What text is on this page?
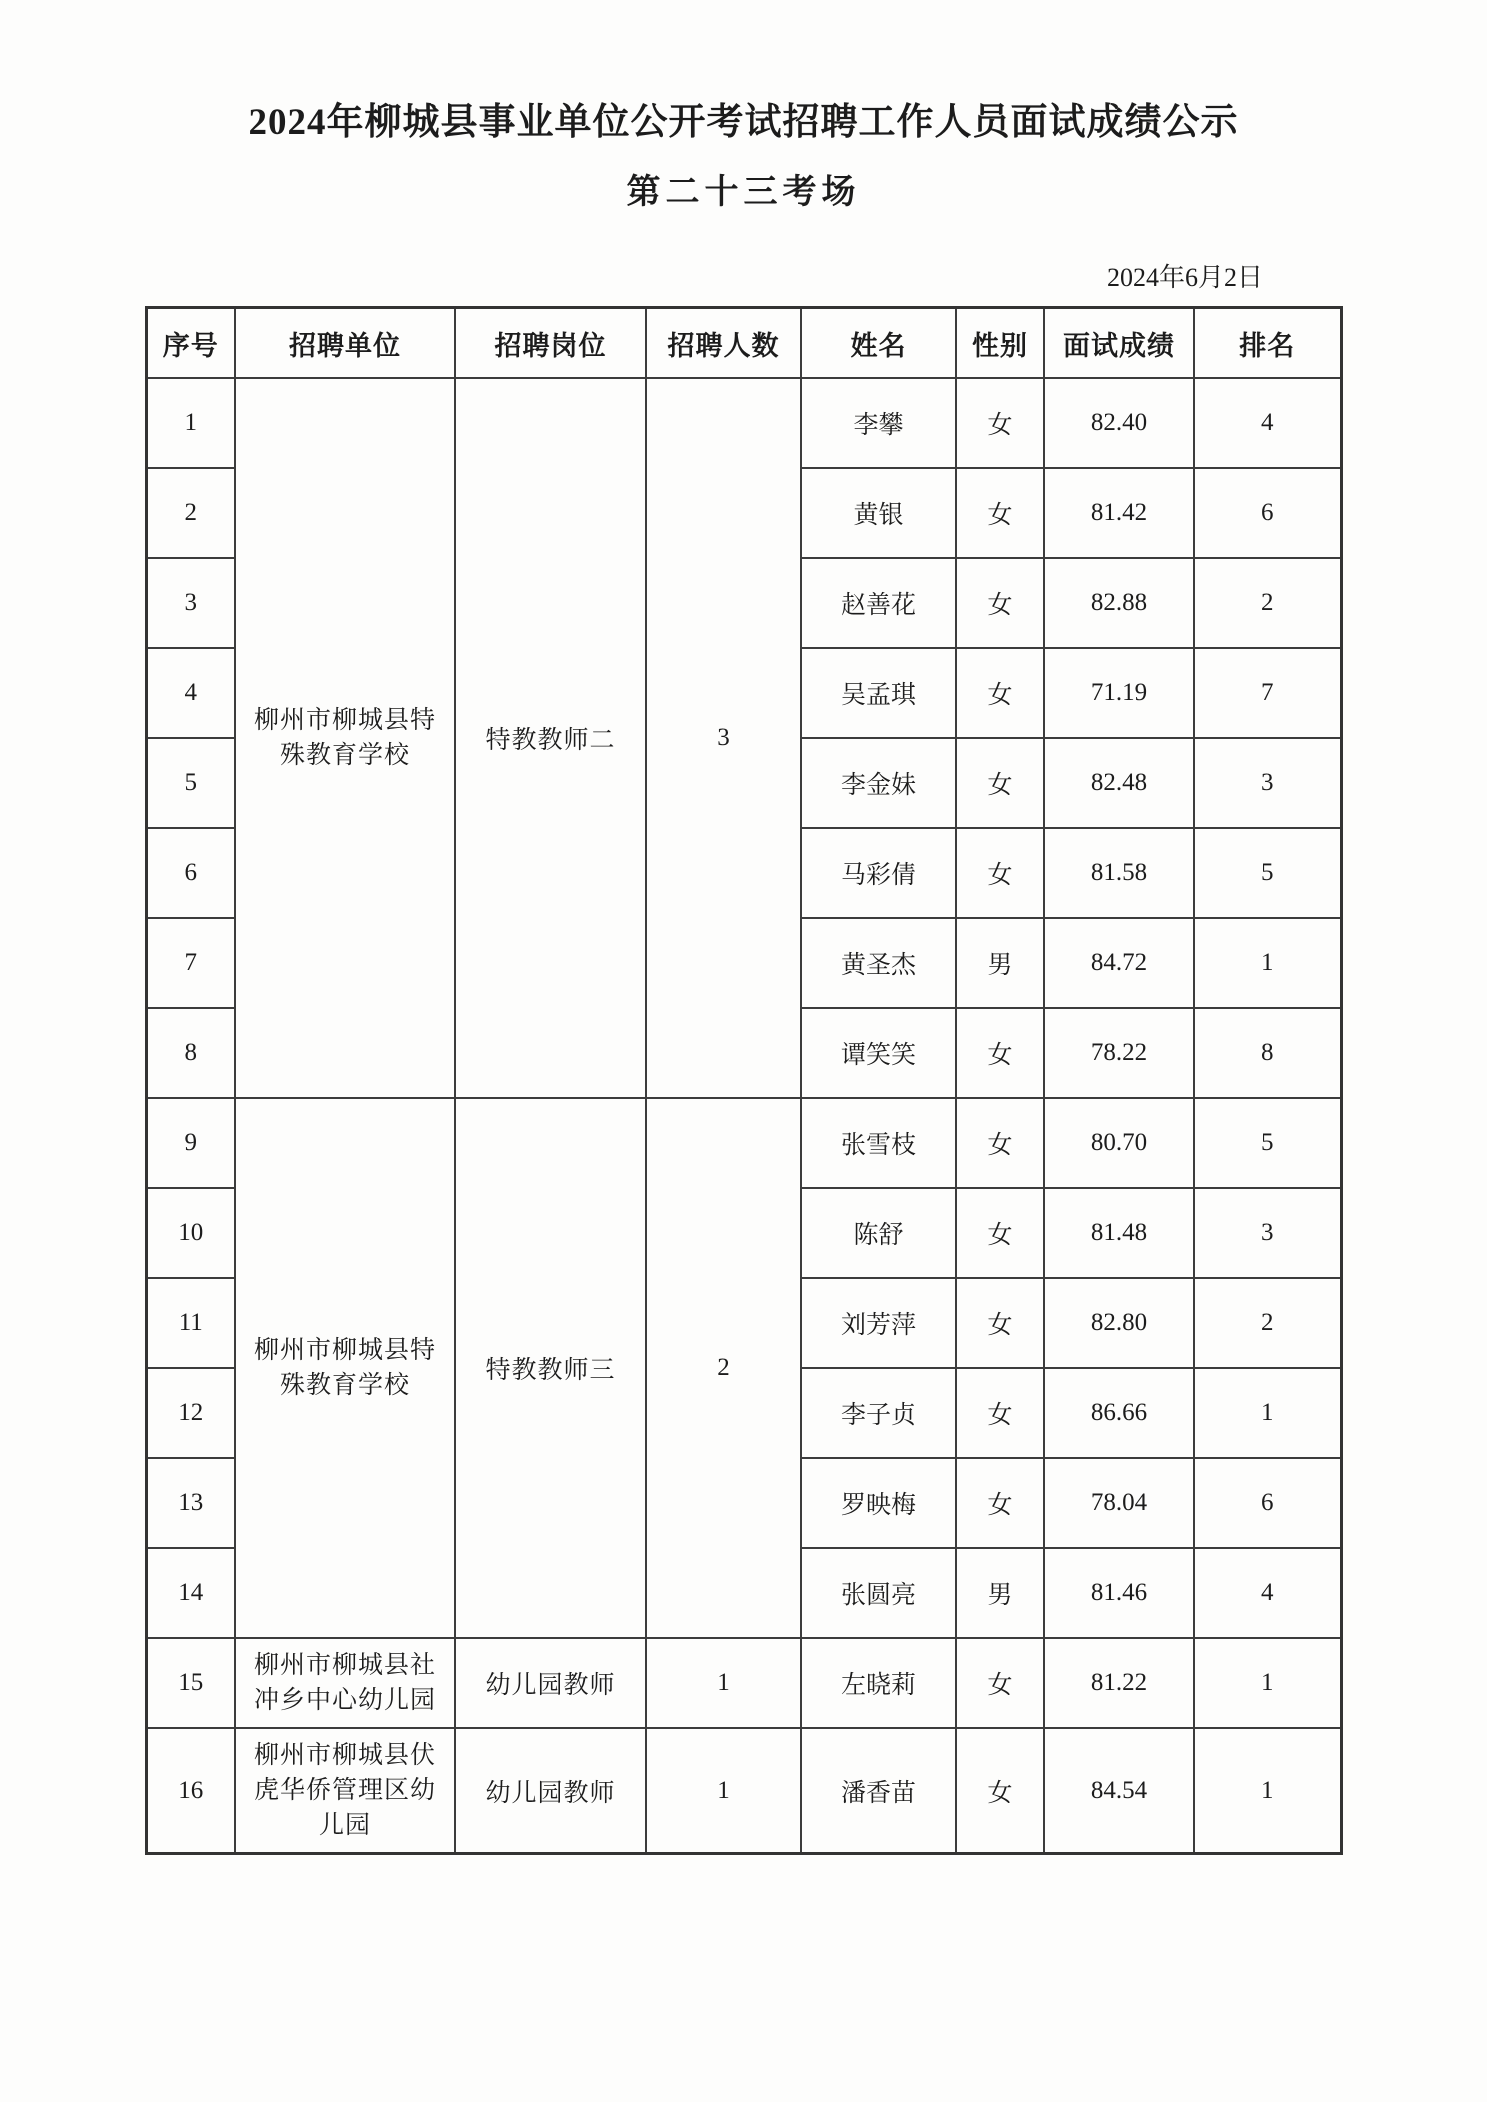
2024年柳城县事业单位公开考试招聘工作人员面试成绩公示
第二十三考场
2024年6月2日
序号	招聘单位	招聘岗位	招聘人数	姓名	性别	面试成绩	排名
1	柳州市柳城县特殊教育学校	特教教师二	3	李攀	女	82.40	4
2				黄银	女	81.42	6
3				赵善花	女	82.88	2
4				吴孟琪	女	71.19	7
5				李金妹	女	82.48	3
6				马彩倩	女	81.58	5
7				黄圣杰	男	84.72	1
8				谭笑笑	女	78.22	8
9	柳州市柳城县特殊教育学校	特教教师三	2	张雪枝	女	80.70	5
10				陈舒	女	81.48	3
11				刘芳萍	女	82.80	2
12				李子贞	女	86.66	1
13				罗映梅	女	78.04	6
14				张圆亮	男	81.46	4
15	柳州市柳城县社冲乡中心幼儿园	幼儿园教师	1	左晓莉	女	81.22	1
16	柳州市柳城县伏虎华侨管理区幼儿园	幼儿园教师	1	潘香苗	女	84.54	1
